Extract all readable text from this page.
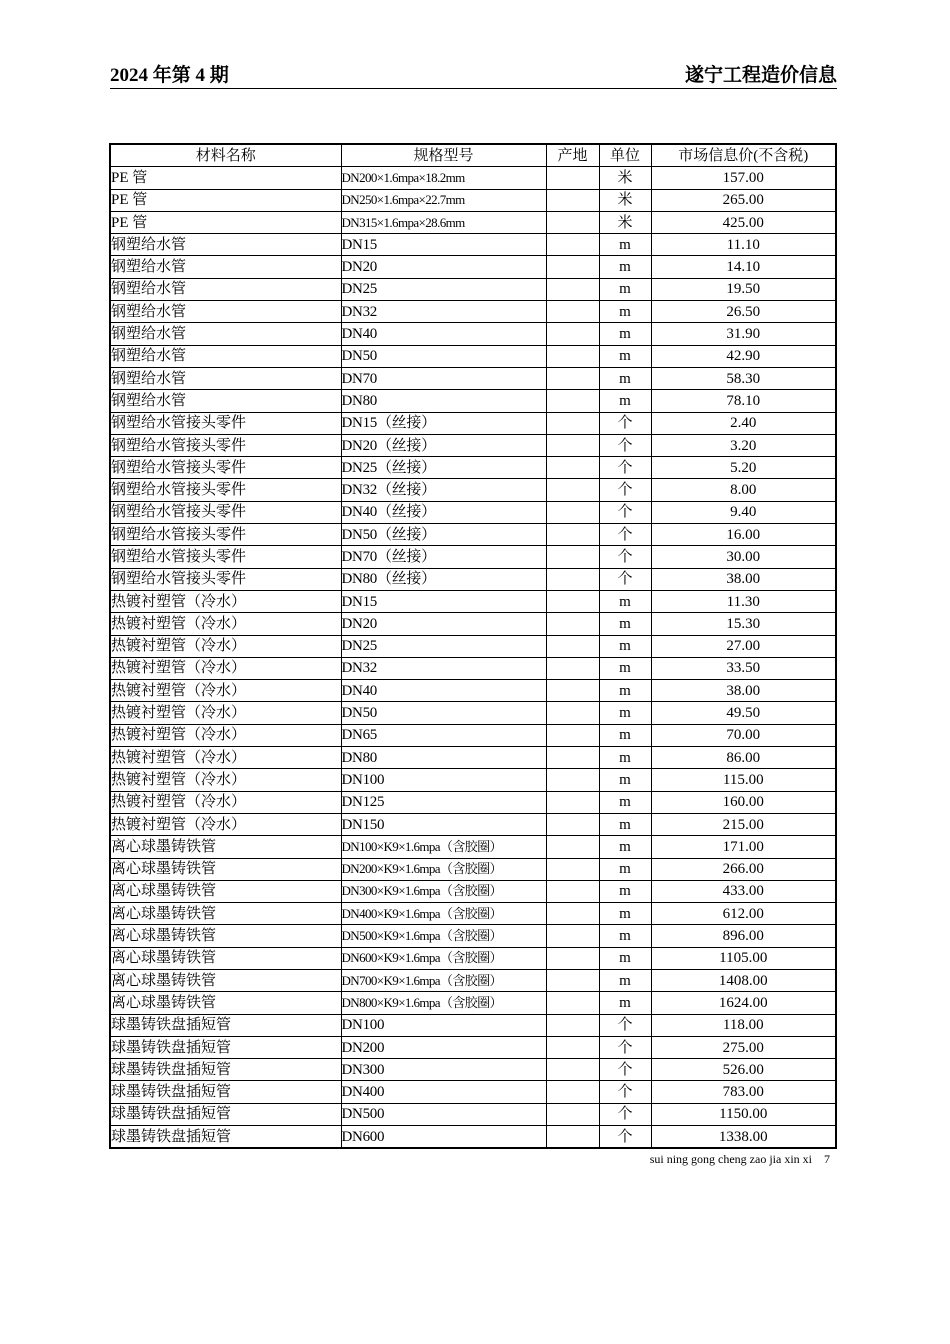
2024 年第 4 期	遂宁工程造价信息
材料名称	规格型号	产地	单位	市场信息价(不含税)
PE 管	DN200×1.6mpa×18.2mm		米	157.00
PE 管	DN250×1.6mpa×22.7mm		米	265.00
PE 管	DN315×1.6mpa×28.6mm		米	425.00
钢塑给水管	DN15		m	11.10
钢塑给水管	DN20		m	14.10
钢塑给水管	DN25		m	19.50
钢塑给水管	DN32		m	26.50
钢塑给水管	DN40		m	31.90
钢塑给水管	DN50		m	42.90
钢塑给水管	DN70		m	58.30
钢塑给水管	DN80		m	78.10
钢塑给水管接头零件	DN15（丝接）		个	2.40
钢塑给水管接头零件	DN20（丝接）		个	3.20
钢塑给水管接头零件	DN25（丝接）		个	5.20
钢塑给水管接头零件	DN32（丝接）		个	8.00
钢塑给水管接头零件	DN40（丝接）		个	9.40
钢塑给水管接头零件	DN50（丝接）		个	16.00
钢塑给水管接头零件	DN70（丝接）		个	30.00
钢塑给水管接头零件	DN80（丝接）		个	38.00
热镀衬塑管（冷水）	DN15		m	11.30
热镀衬塑管（冷水）	DN20		m	15.30
热镀衬塑管（冷水）	DN25		m	27.00
热镀衬塑管（冷水）	DN32		m	33.50
热镀衬塑管（冷水）	DN40		m	38.00
热镀衬塑管（冷水）	DN50		m	49.50
热镀衬塑管（冷水）	DN65		m	70.00
热镀衬塑管（冷水）	DN80		m	86.00
热镀衬塑管（冷水）	DN100		m	115.00
热镀衬塑管（冷水）	DN125		m	160.00
热镀衬塑管（冷水）	DN150		m	215.00
离心球墨铸铁管	DN100×K9×1.6mpa（含胶圈）		m	171.00
离心球墨铸铁管	DN200×K9×1.6mpa（含胶圈）		m	266.00
离心球墨铸铁管	DN300×K9×1.6mpa（含胶圈）		m	433.00
离心球墨铸铁管	DN400×K9×1.6mpa（含胶圈）		m	612.00
离心球墨铸铁管	DN500×K9×1.6mpa（含胶圈）		m	896.00
离心球墨铸铁管	DN600×K9×1.6mpa（含胶圈）		m	1105.00
离心球墨铸铁管	DN700×K9×1.6mpa（含胶圈）		m	1408.00
离心球墨铸铁管	DN800×K9×1.6mpa（含胶圈）		m	1624.00
球墨铸铁盘插短管	DN100		个	118.00
球墨铸铁盘插短管	DN200		个	275.00
球墨铸铁盘插短管	DN300		个	526.00
球墨铸铁盘插短管	DN400		个	783.00
球墨铸铁盘插短管	DN500		个	1150.00
球墨铸铁盘插短管	DN600		个	1338.00
sui ning gong cheng zao jia xin xi 7
